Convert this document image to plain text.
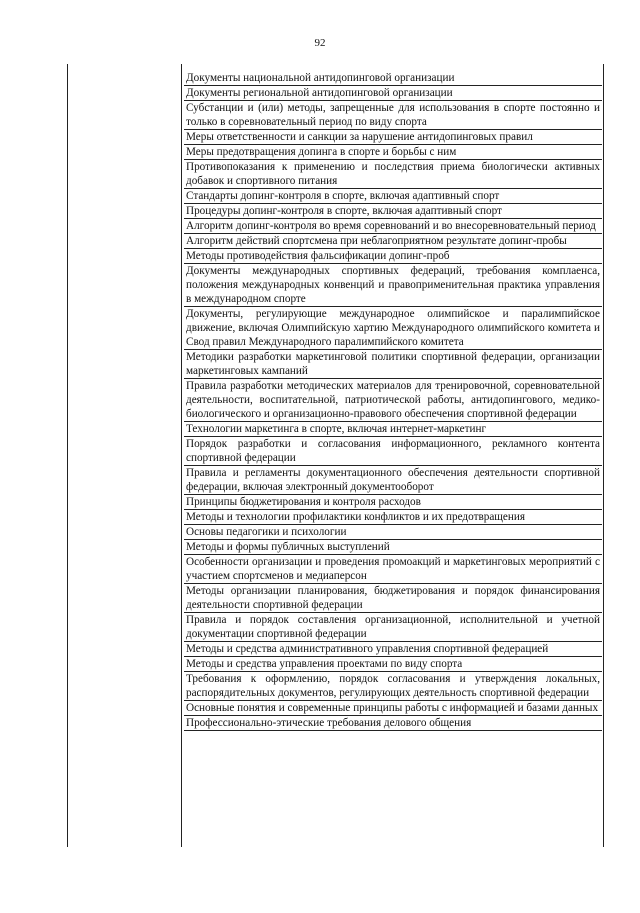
92
Документы национальной антидопинговой организации
Документы региональной антидопинговой организации
Субстанции и (или) методы, запрещенные для использования в спорте постоянно и только в соревновательный период по виду спорта
Меры ответственности и санкции за нарушение антидопинговых правил
Меры предотвращения допинга в спорте и борьбы с ним
Противопоказания к применению и последствия приема биологически активных добавок и спортивного питания
Стандарты допинг-контроля в спорте, включая адаптивный спорт
Процедуры допинг-контроля в спорте, включая адаптивный спорт
Алгоритм допинг-контроля во время соревнований и во внесоревновательный период
Алгоритм действий спортсмена при неблагоприятном результате допинг-пробы
Методы противодействия фальсификации допинг-проб
Документы международных спортивных федераций, требования комплаенса, положения международных конвенций и правоприменительная практика управления в международном спорте
Документы, регулирующие международное олимпийское и паралимпийское движение, включая Олимпийскую хартию Международного олимпийского комитета и Свод правил Международного паралимпийского комитета
Методики разработки маркетинговой политики спортивной федерации, организации маркетинговых кампаний
Правила разработки методических материалов для тренировочной, соревновательной деятельности, воспитательной, патриотической работы, антидопингового, медико-биологического и организационно-правового обеспечения спортивной федерации
Технологии маркетинга в спорте, включая интернет-маркетинг
Порядок разработки и согласования информационного, рекламного контента спортивной федерации
Правила и регламенты документационного обеспечения деятельности спортивной федерации, включая электронный документооборот
Принципы бюджетирования и контроля расходов
Методы и технологии профилактики конфликтов и их предотвращения
Основы педагогики и психологии
Методы и формы публичных выступлений
Особенности организации и проведения промоакций и маркетинговых мероприятий с участием спортсменов и медиаперсон
Методы организации планирования, бюджетирования и порядок финансирования деятельности спортивной федерации
Правила и порядок составления организационной, исполнительной и учетной документации спортивной федерации
Методы и средства административного управления спортивной федерацией
Методы и средства управления проектами по виду спорта
Требования к оформлению, порядок согласования и утверждения локальных, распорядительных документов, регулирующих деятельность спортивной федерации
Основные понятия и современные принципы работы с информацией и базами данных
Профессионально-этические требования делового общения
